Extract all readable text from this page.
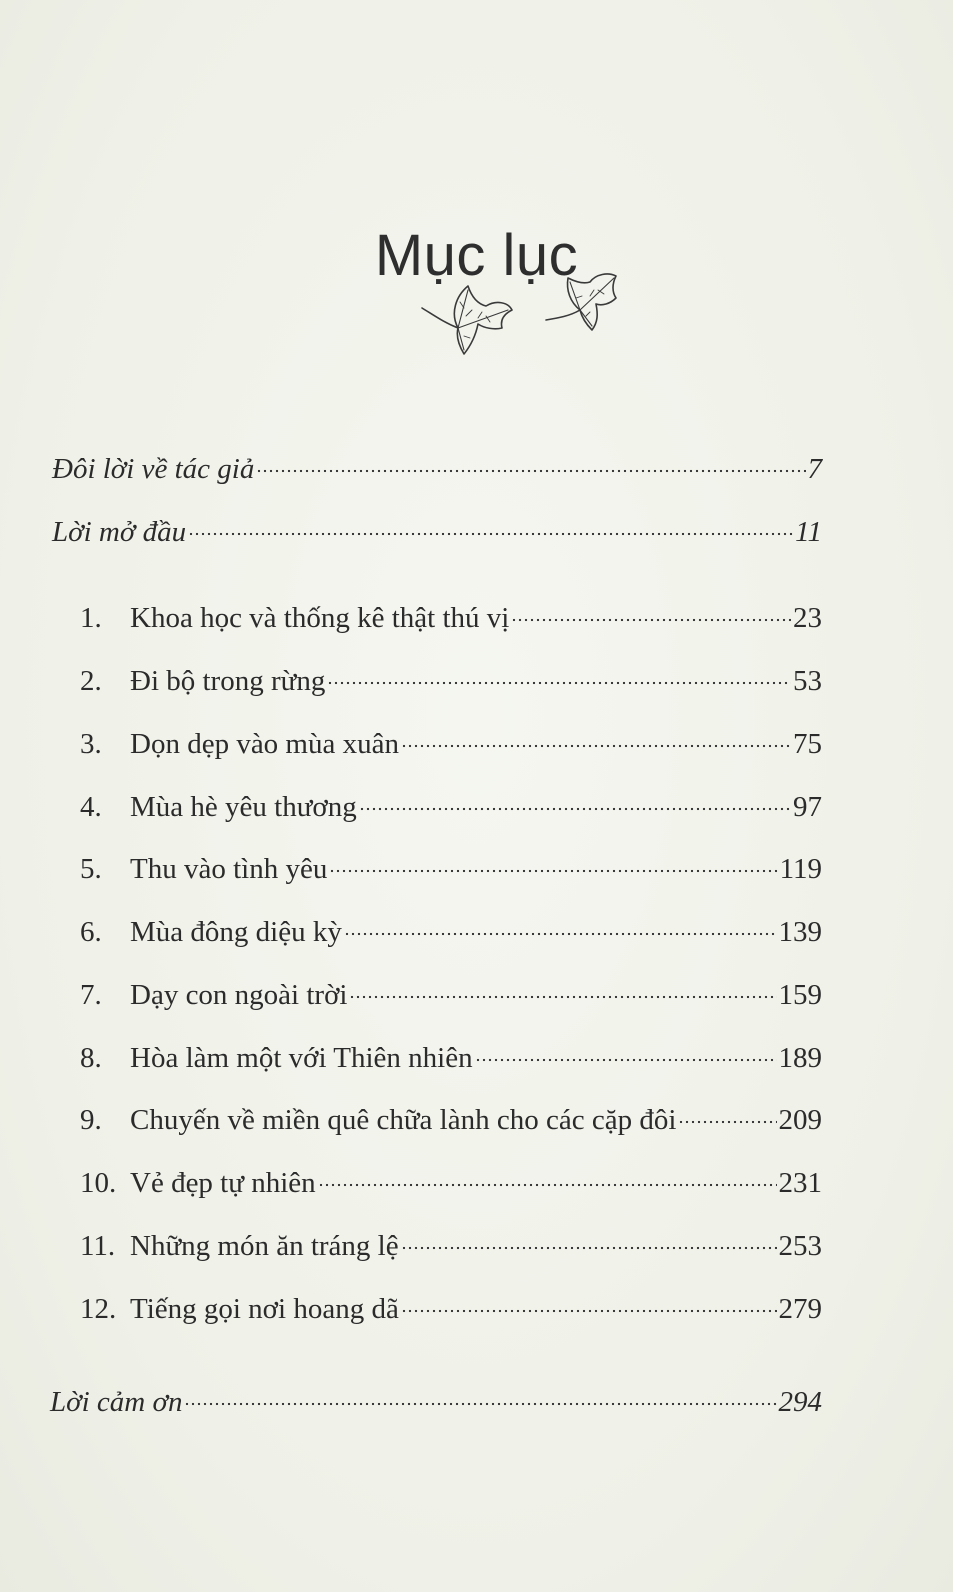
Mục lục
Đôi lời về tác giả	7
Lời mở đầu	11
1. Khoa học và thống kê thật thú vị	23
2. Đi bộ trong rừng	53
3. Dọn dẹp vào mùa xuân	75
4. Mùa hè yêu thương	97
5. Thu vào tình yêu	119
6. Mùa đông diệu kỳ	139
7. Dạy con ngoài trời	159
8. Hòa làm một với Thiên nhiên	189
9. Chuyến về miền quê chữa lành cho các cặp đôi	209
10. Vẻ đẹp tự nhiên	231
11. Những món ăn tráng lệ	253
12. Tiếng gọi nơi hoang dã	279
Lời cảm ơn	294
